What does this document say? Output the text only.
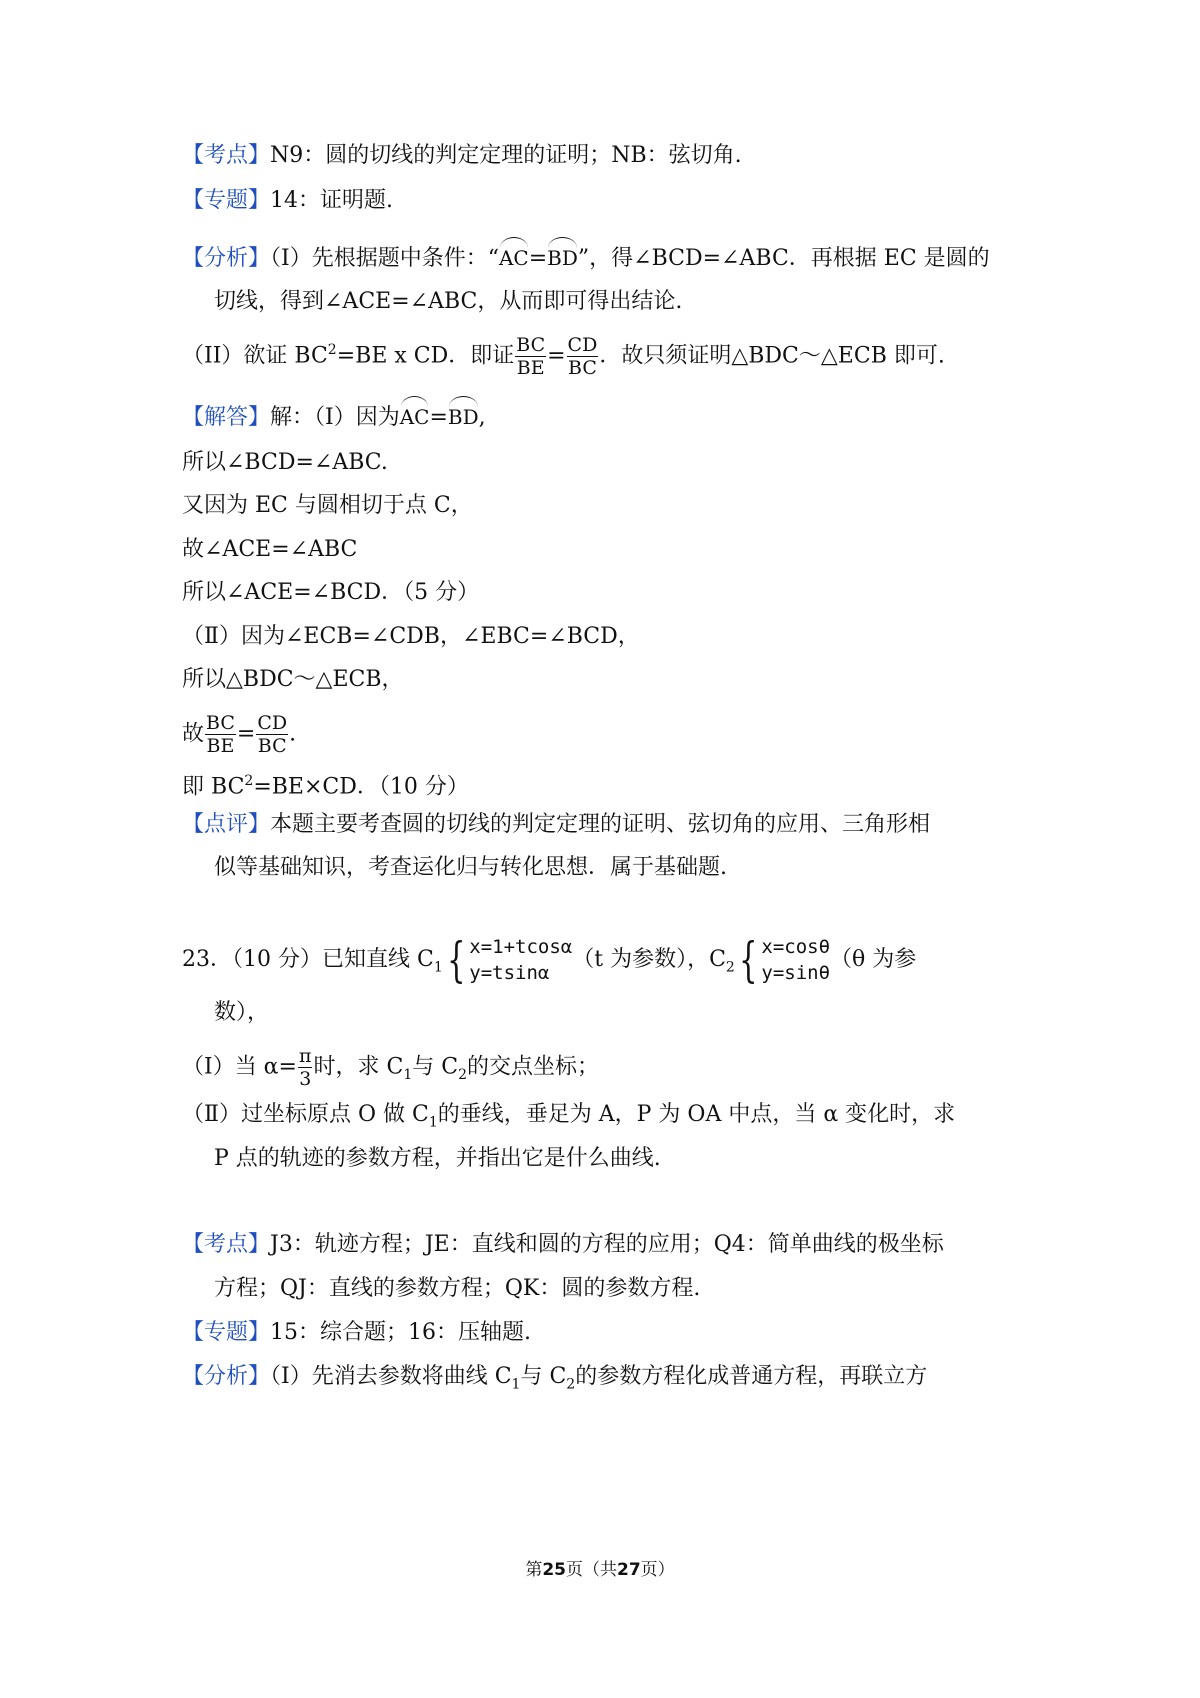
【考点】N9：圆的切线的判定定理的证明；NB：弦切角.
【专题】14：证明题.
【分析】（I）先根据题中条件：“AC=BD”，得∠BCD=∠ABC．再根据 EC 是圆的
切线，得到∠ACE=∠ABC，从而即可得出结论.
（II）欲证 $BC^2=BE$ x CD．即证 $\frac{BC}{BE} = \frac{CD}{BC}$ ．故只须证明△BDC～△ECB 即可.
【解答】解：（Ⅰ）因为AC=BD,
所以∠BCD=∠ABC.
又因为 EC 与圆相切于点 C，
故∠ACE=∠ABC
所以∠ACE=∠BCD．（5 分）
（Ⅱ）因为∠ECB=∠CDB，∠EBC=∠BCD，
所以△BDC～△ECB，
故 $\frac{BC}{BE} = \frac{CD}{BC}$ .
即 $BC^2=BE\times CD$．（10 分）
【点评】本题主要考查圆的切线的判定定理的证明、弦切角的应用、三角形相
似等基础知识，考查运化归与转化思想．属于基础题.
23．（10 分）已知直线 $C_1${ x=1+tcosα
y=tsinα
（t 为参数），$C_2${ x=cosθ
y=sinθ
（θ 为参
数），
（Ⅰ）当 $\alpha= \frac{\pi}{3}$ 时，求 $C_1$与 $C_2$的交点坐标；
（Ⅱ）过坐标原点 O 做 $C_1$的垂线，垂足为 A，P 为 OA 中点，当 α 变化时，求
P 点的轨迹的参数方程，并指出它是什么曲线.
【考点】J3：轨迹方程；JE：直线和圆的方程的应用；Q4：简单曲线的极坐标
方程；QJ：直线的参数方程；QK：圆的参数方程.
【专题】15：综合题；16：压轴题.
【分析】（I）先消去参数将曲线 $C_1$与 $C_2$的参数方程化成普通方程，再联立方
第25页（共27页）
